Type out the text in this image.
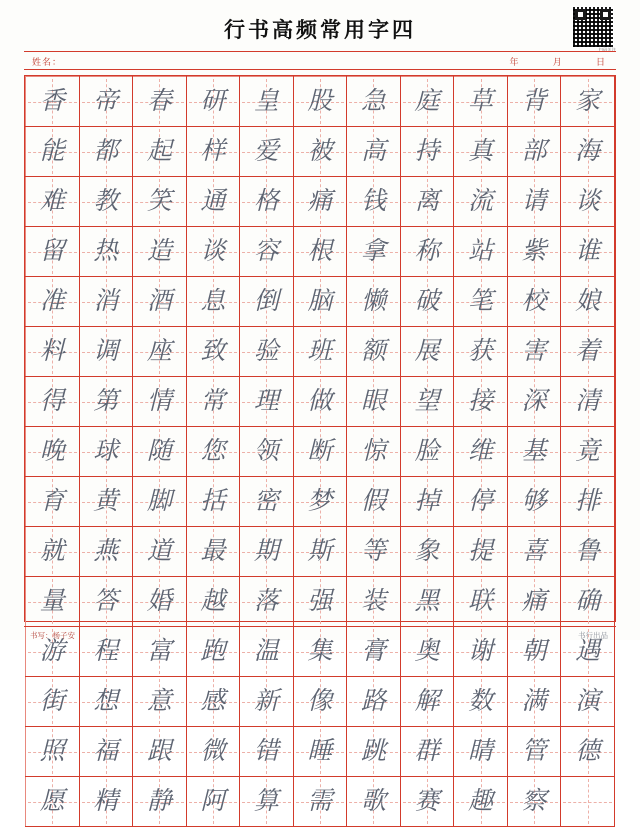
扫码关注
行书高频常用字四
姓名：	年	月	日
香	帝	春	研	皇	股	急	庭	草	背	家

能	都	起	样	爱	被	高	持	真	部	海

难	教	笑	通	格	痛	钱	离	流	请	谈

留	热	造	谈	容	根	拿	称	站	紫	谁

准	消	酒	息	倒	脑	懒	破	笔	校	娘

料	调	座	致	验	班	额	展	获	害	着

得	第	情	常	理	做	眼	望	接	深	清

晚	球	随	您	领	断	惊	脸	维	基	竟

育	黄	脚	括	密	梦	假	掉	停	够	排

就	燕	道	最	期	斯	等	象	提	喜	鲁

量	答	婚	越	落	强	装	黑	联	痛	确

游	程	富	跑	温	集	膏	奥	谢	朝	遇

街	想	意	感	新	像	路	解	数	满	演

照	福	跟	微	错	睡	跳	群	睛	管	德

愿	精	静	阿	算	需	歌	赛	趣	察	

书写：杨子安	书行出品
